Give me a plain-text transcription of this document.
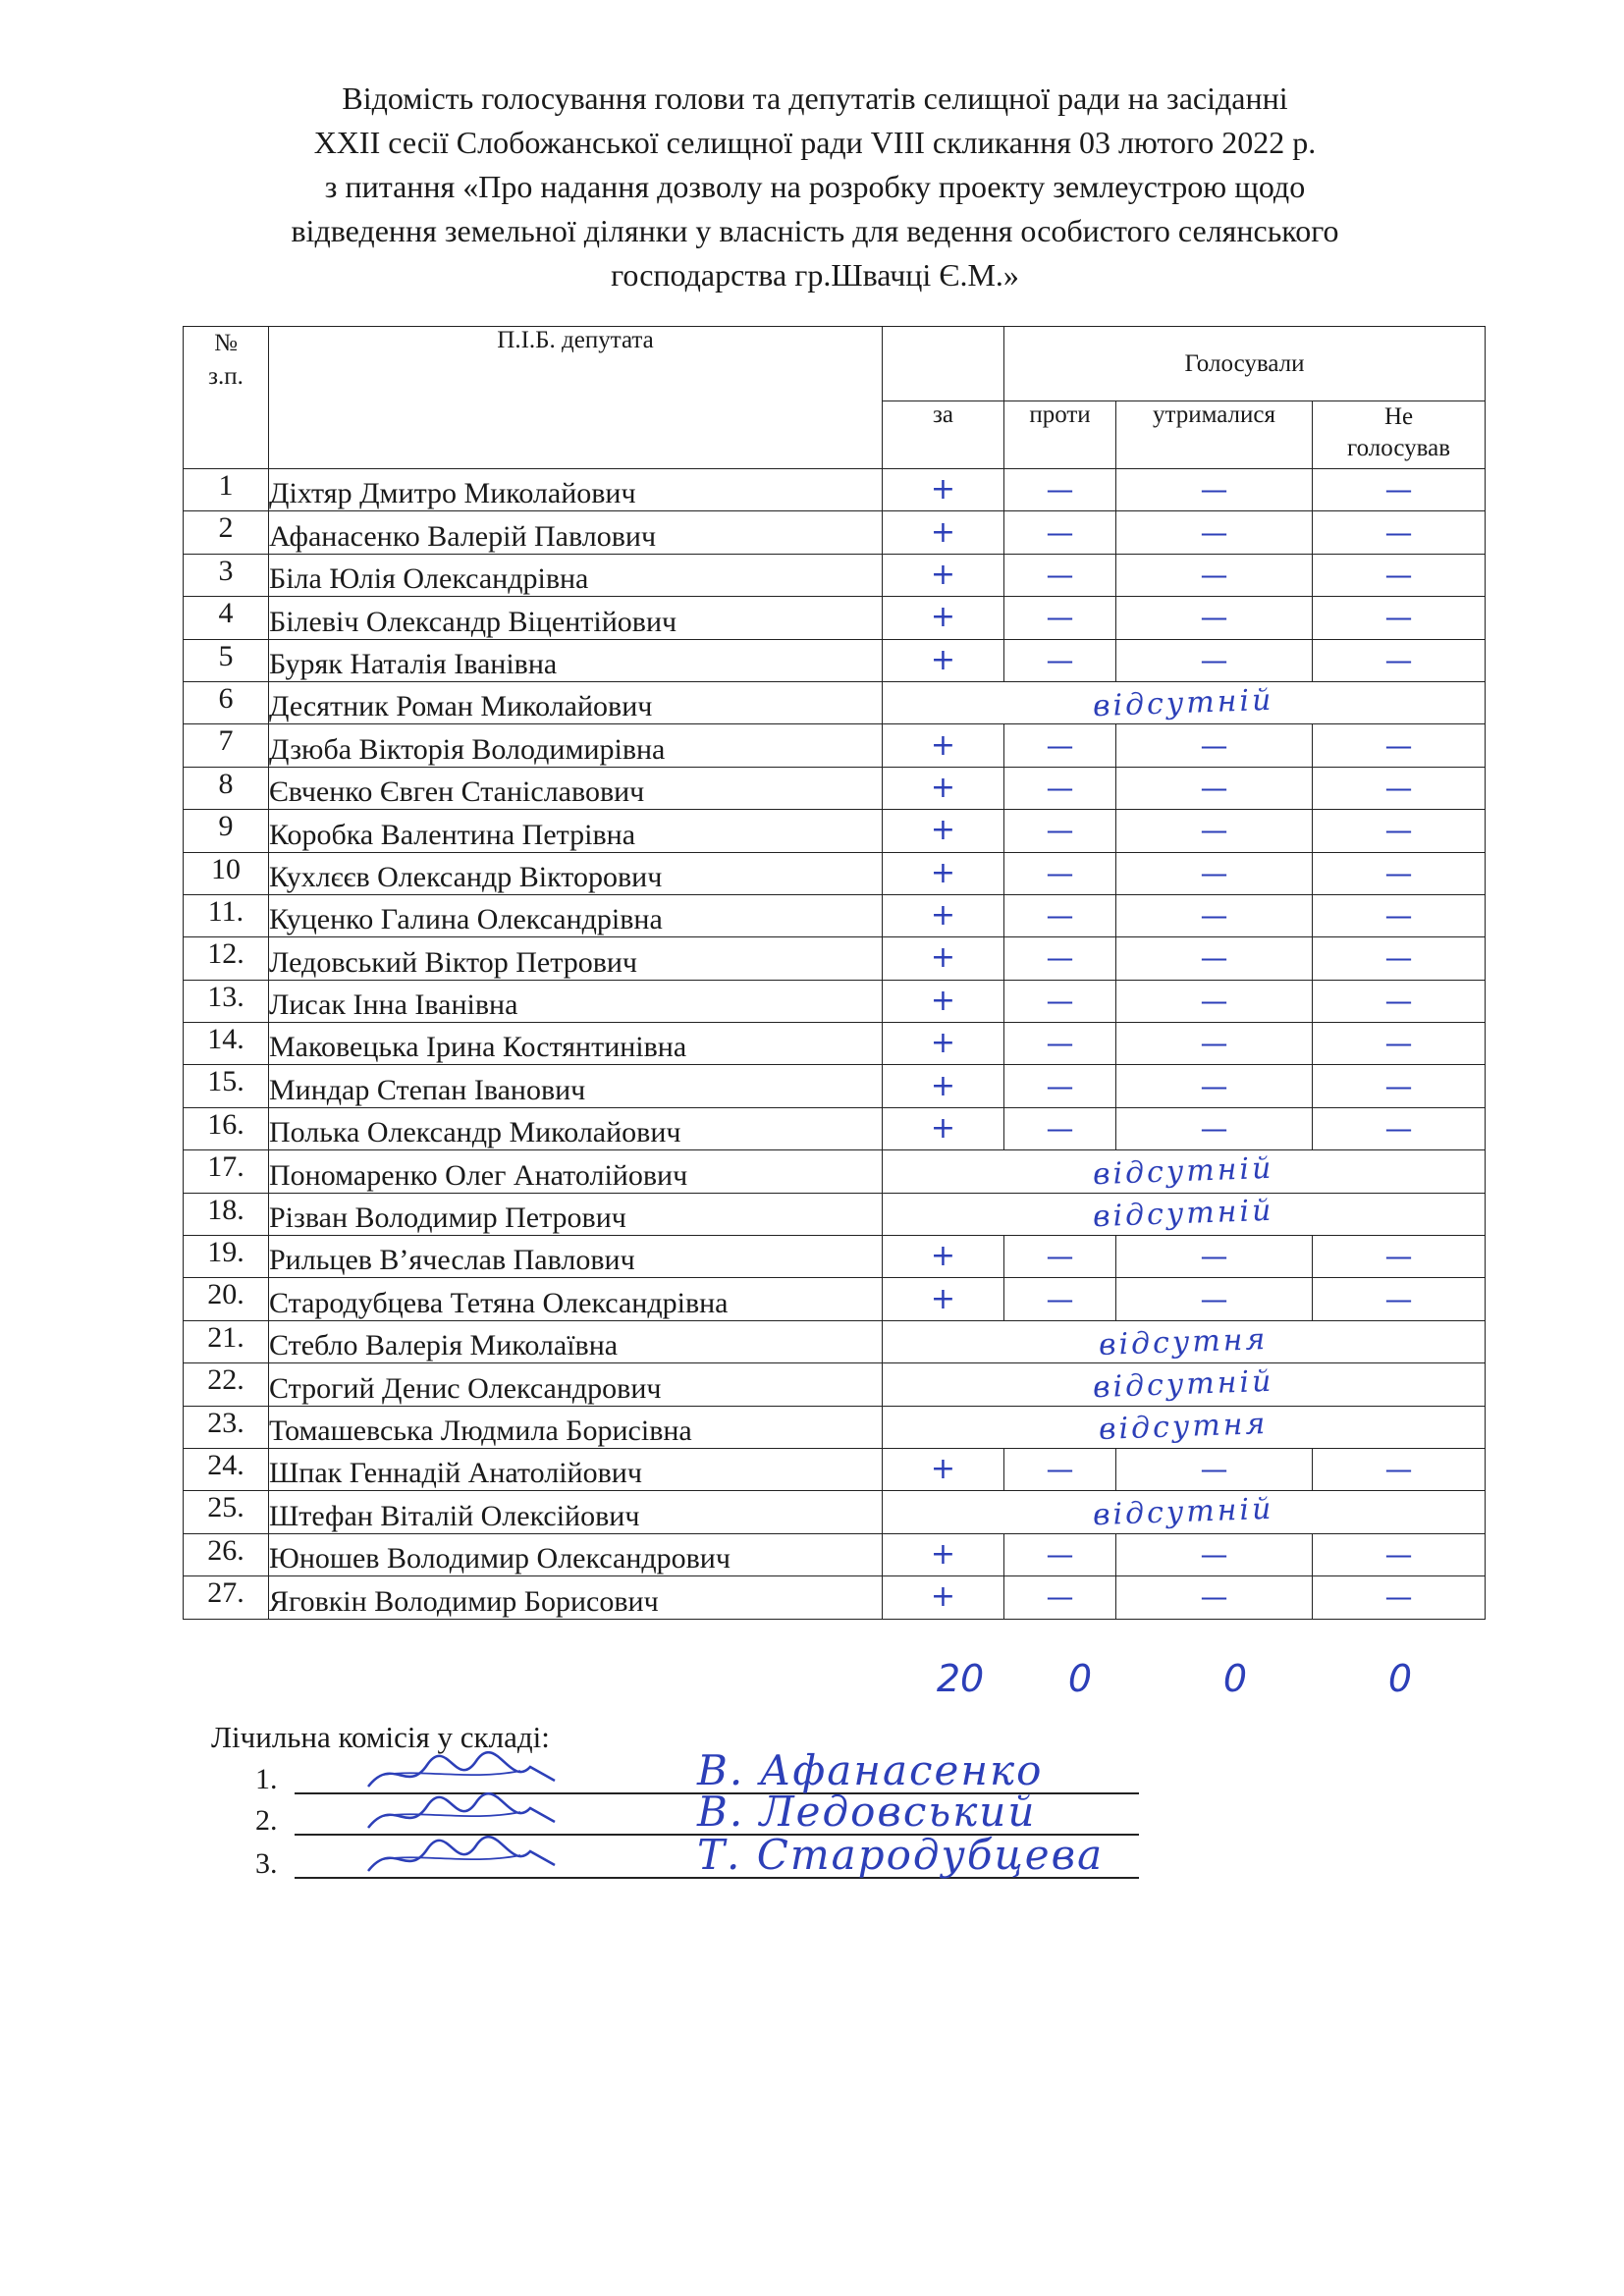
Відомість голосування голови та депутатів селищної ради на засіданні
XXII сесії Слобожанської селищної ради VIII скликання 03 лютого 2022 р.
з питання «Про надання дозволу на розробку проекту землеустрою щодо
відведення земельної ділянки у власність для ведення особистого селянського
господарства гр.Швачці Є.М.»
№
з.п.	П.І.Б. депутата		Голосували		
		за	проти	утрималися	Не
голосував

1	Діхтяр Дмитро Миколайович	+	—	—	—
2	Афанасенко Валерій Павлович	+	—	—	—
3	Біла Юлія Олександрівна	+	—	—	—
4	Білевіч Олександр Віцентійович	+	—	—	—
5	Буряк Наталія Іванівна	+	—	—	—
6	Десятник Роман Миколайович	відсутній			
7	Дзюба Вікторія Володимирівна	+	—	—	—
8	Євченко Євген Станіславович	+	—	—	—
9	Коробка Валентина Петрівна	+	—	—	—
10	Кухлєєв Олександр Вікторович	+	—	—	—
11.	Куценко Галина Олександрівна	+	—	—	—
12.	Ледовський Віктор Петрович	+	—	—	—
13.	Лисак Інна Іванівна	+	—	—	—
14.	Маковецька Ірина Костянтинівна	+	—	—	—
15.	Миндар Степан Іванович	+	—	—	—
16.	Полька Олександр Миколайович	+	—	—	—
17.	Пономаренко Олег Анатолійович	відсутній			
18.	Різван Володимир Петрович	відсутній			
19.	Рильцев В’ячеслав Павлович	+	—	—	—
20.	Стародубцева Тетяна Олександрівна	+	—	—	—
21.	Стебло Валерія Миколаївна	відсутня			
22.	Строгий Денис Олександрович	відсутній			
23.	Томашевська Людмила Борисівна	відсутня			
24.	Шпак Геннадій Анатолійович	+	—	—	—
25.	Штефан Віталій Олексійович	відсутній			
26.	Юношев Володимир Олександрович	+	—	—	—
27.	Яговкін Володимир Борисович	+	—	—	—
20	0	0	0
Лічильна комісія у складі:
1.	В. Афанасенко
2.	В. Ледовський
3.	Т. Стародубцева
